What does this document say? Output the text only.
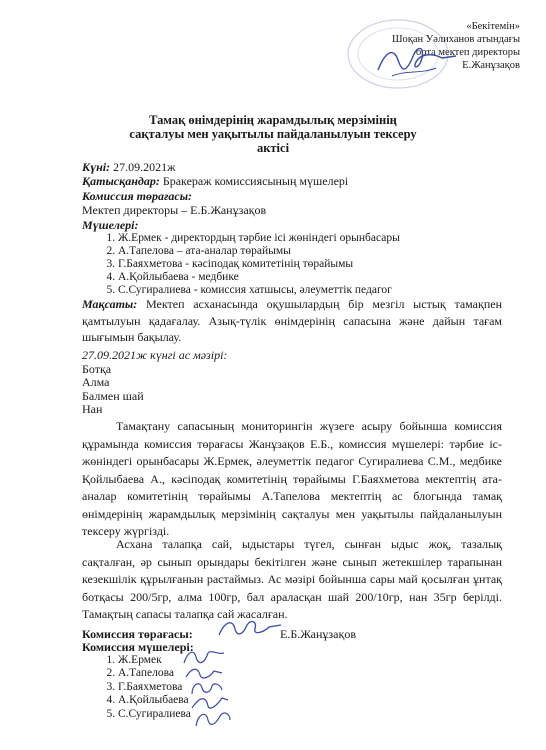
«Бекітемін»
Шоқан Уәлиханов атындағы
орта мектеп директоры
Е.Жанұзақов
Тамақ өнімдерінің жарамдылық мерзімінің
сақталуы мен уақытылы пайдаланылуын тексеру
актісі
Күні: 27.09.2021ж
Қатысқандар: Бракераж комиссиясының мүшелері
Комиссия төрағасы:
Мектеп директоры – Е.Б.Жанұзақов
Мүшелері:
1. Ж.Ермек - директордың тәрбие ісі жөніндегі орынбасары
2. А.Тапелова – ата-аналар төрайымы
3. Г.Баяхметова - кәсіподақ комитетінің төрайымы
4. А.Қойлыбаева - медбике
5. С.Сугиралиева - комиссия хатшысы, әлеуметтік педагог
Мақсаты: Мектеп асханасында оқушылардың бір мезгіл ыстық тамақпен қамтылуын қадағалау. Азық-түлік өнімдерінің сапасына және дайын тағам шығымын бақылау.
27.09.2021ж күнгі ас мәзірі:
Ботқа
Алма
Балмен шай
Нан
Тамақтану сапасының мониторингін жүзеге асыру бойынша комиссия құрамында комиссия төрағасы Жанұзақов Е.Б., комиссия мүшелері: тәрбие іс-жөніндегі орынбасары Ж.Ермек, әлеуметтік педагог Сугиралиева С.М., медбике Қойлыбаева А., кәсіподақ комитетінің төрайымы Г.Баяхметова мектептің ата-аналар комитетінің төрайымы А.Тапелова мектептің ас блогында тамақ өнімдерінің жарамдылық мерзімінің сақталуы мен уақытылы пайдаланылуын тексеру жүргізді.
Асхана талапқа сай, ыдыстары түгел, сынған ыдыс жоқ, тазалық сақталған, әр сынып орындары бекітілген және сынып жетекшілер тарапынан кезекшілік құрылғанын растаймыз. Ас мәзірі бойынша сары май қосылған ұнтақ ботқасы 200/5гр, алма 100гр, бал араласқан шай 200/10гр, нан 35гр берілді. Тамақтың сапасы талапқа сай жасалған.
Комиссия төрағасы:	Е.Б.Жанұзақов
Комиссия мүшелері:
1. Ж.Ермек
2. А.Тапелова
3. Г.Баяхметова
4. А.Қойлыбаева
5. С.Сугиралиева
